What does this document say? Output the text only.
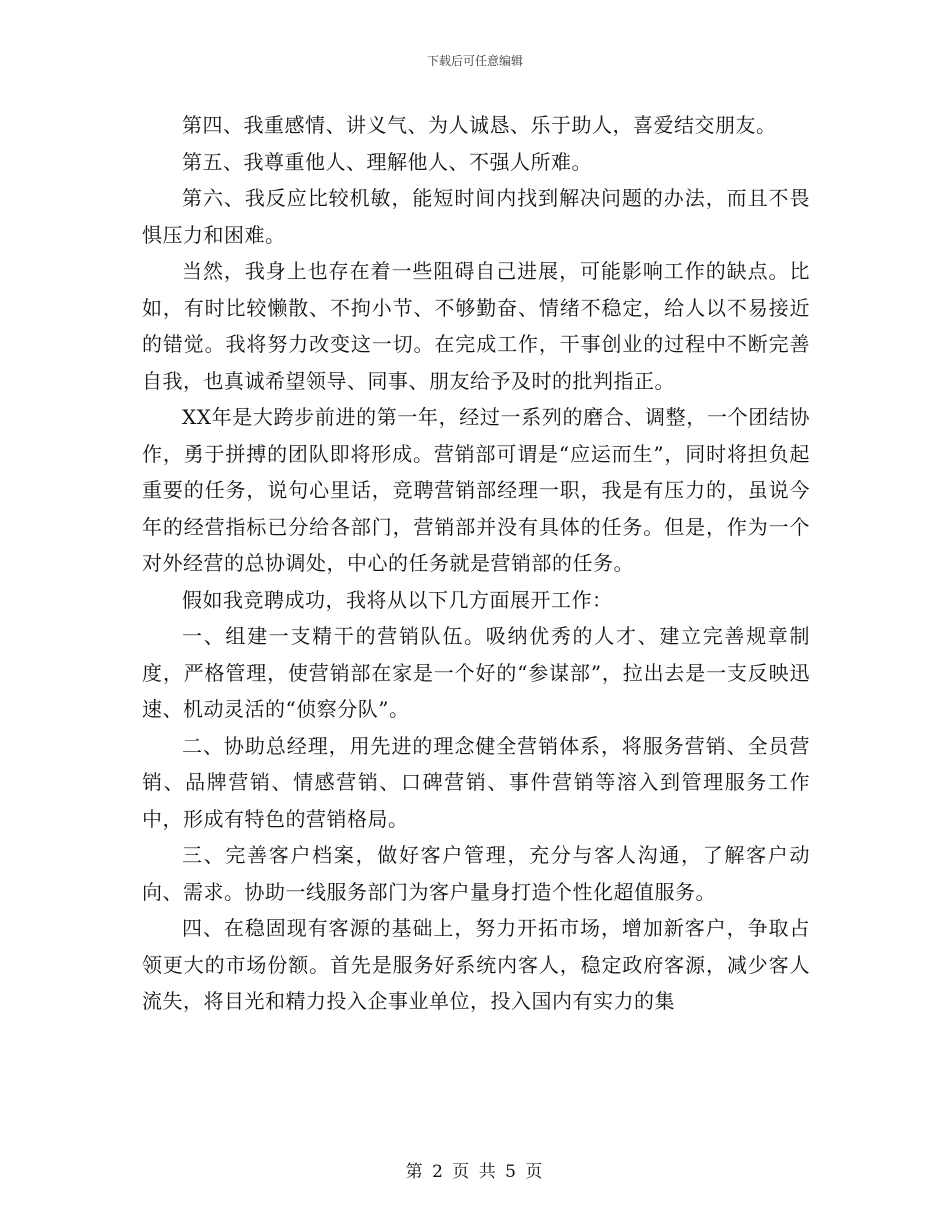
下载后可任意编辑

第四、我重感情、讲义气、为人诚恳、乐于助人，喜爱结交朋友。

第五、我尊重他人、理解他人、不强人所难。

第六、我反应比较机敏，能短时间内找到解决问题的办法，而且不畏惧压力和困难。

当然，我身上也存在着一些阻碍自己进展，可能影响工作的缺点。比如，有时比较懒散、不拘小节、不够勤奋、情绪不稳定，给人以不易接近的错觉。我将努力改变这一切。在完成工作，干事创业的过程中不断完善自我，也真诚希望领导、同事、朋友给予及时的批判指正。

XX年是大跨步前进的第一年，经过一系列的磨合、调整，一个团结协作，勇于拼搏的团队即将形成。营销部可谓是“应运而生”，同时将担负起重要的任务，说句心里话，竞聘营销部经理一职，我是有压力的，虽说今年的经营指标已分给各部门，营销部并没有具体的任务。但是，作为一个对外经营的总协调处，中心的任务就是营销部的任务。

假如我竞聘成功，我将从以下几方面展开工作：

一、组建一支精干的营销队伍。吸纳优秀的人才、建立完善规章制度，严格管理，使营销部在家是一个好的“参谋部”，拉出去是一支反映迅速、机动灵活的“侦察分队”。

二、协助总经理，用先进的理念健全营销体系，将服务营销、全员营销、品牌营销、情感营销、口碑营销、事件营销等溶入到管理服务工作中，形成有特色的营销格局。

三、完善客户档案，做好客户管理，充分与客人沟通，了解客户动向、需求。协助一线服务部门为客户量身打造个性化超值服务。

四、在稳固现有客源的基础上，努力开拓市场，增加新客户，争取占领更大的市场份额。首先是服务好系统内客人，稳定政府客源，减少客人流失，将目光和精力投入企事业单位，投入国内有实力的集

第 2 页 共 5 页
